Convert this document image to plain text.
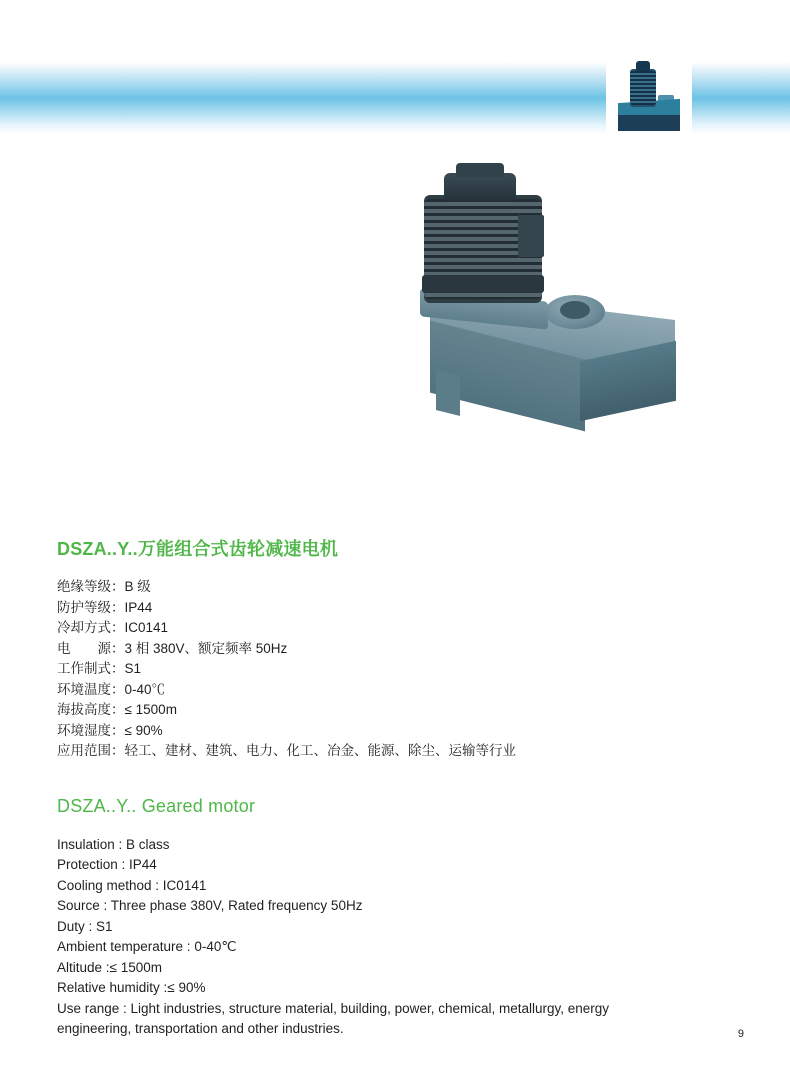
DSZA..Y..万能组合式齿轮减速电机
绝缘等级：B 级
防护等级：IP44
冷却方式：IC0141
电　　源：3 相 380V、额定频率 50Hz
工作制式：S1
环境温度：0-40℃
海拔高度：≤ 1500m
环境湿度：≤ 90%
应用范围：轻工、建材、建筑、电力、化工、冶金、能源、除尘、运输等行业
DSZA..Y.. Geared motor
Insulation : B class
Protection : IP44
Cooling method : IC0141
Source : Three phase 380V, Rated frequency 50Hz
Duty : S1
Ambient temperature : 0-40℃
Altitude :≤ 1500m
Relative humidity :≤ 90%
Use range : Light industries, structure material, building, power, chemical, metallurgy, energy engineering, transportation and other industries.	9
